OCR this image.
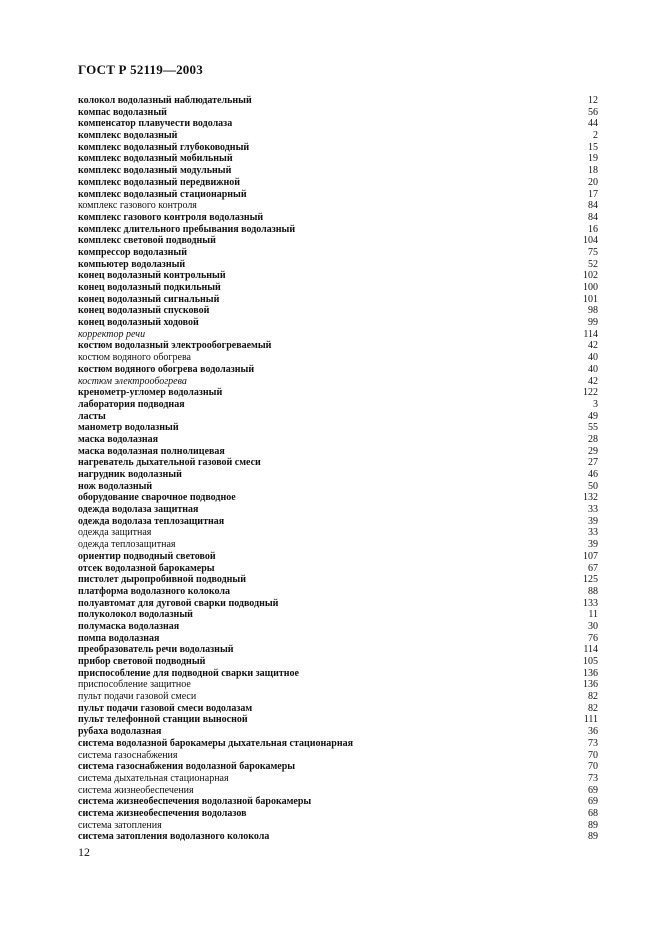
ГОСТ Р 52119—2003
колокол водолазный наблюдательный	12
компас водолазный	56
компенсатор плавучести водолаза	44
комплекс водолазный	2
комплекс водолазный глубоководный	15
комплекс водолазный мобильный	19
комплекс водолазный модульный	18
комплекс водолазный передвижной	20
комплекс водолазный стационарный	17
комплекс газового контроля	84
комплекс газового контроля водолазный	84
комплекс длительного пребывания водолазный	16
комплекс световой подводный	104
компрессор водолазный	75
компьютер водолазный	52
конец водолазный контрольный	102
конец водолазный подкильный	100
конец водолазный сигнальный	101
конец водолазный спусковой	98
конец водолазный ходовой	99
корректор речи	114
костюм водолазный электрообогреваемый	42
костюм водяного обогрева	40
костюм водяного обогрева водолазный	40
костюм электрообогрева	42
кренометр-угломер водолазный	122
лаборатория подводная	3
ласты	49
манометр водолазный	55
маска водолазная	28
маска водолазная полнолицевая	29
нагреватель дыхательной газовой смеси	27
нагрудник водолазный	46
нож водолазный	50
оборудование сварочное подводное	132
одежда водолаза защитная	33
одежда водолаза теплозащитная	39
одежда защитная	33
одежда теплозащитная	39
ориентир подводный световой	107
отсек водолазной барокамеры	67
пистолет дыропробивной подводный	125
платформа водолазного колокола	88
полуавтомат для дуговой сварки подводный	133
полуколокол водолазный	11
полумаска водолазная	30
помпа водолазная	76
преобразователь речи водолазный	114
прибор световой подводный	105
приспособление для подводной сварки защитное	136
приспособление защитное	136
пульт подачи газовой смеси	82
пульт подачи газовой смеси водолазам	82
пульт телефонной станции выносной	111
рубаха водолазная	36
система водолазной барокамеры дыхательная стационарная	73
система газоснабжения	70
система газоснабжения водолазной барокамеры	70
система дыхательная стационарная	73
система жизнеобеспечения	69
система жизнеобеспечения водолазной барокамеры	69
система жизнеобеспечения водолазов	68
система затопления	89
система затопления водолазного колокола	89

12
